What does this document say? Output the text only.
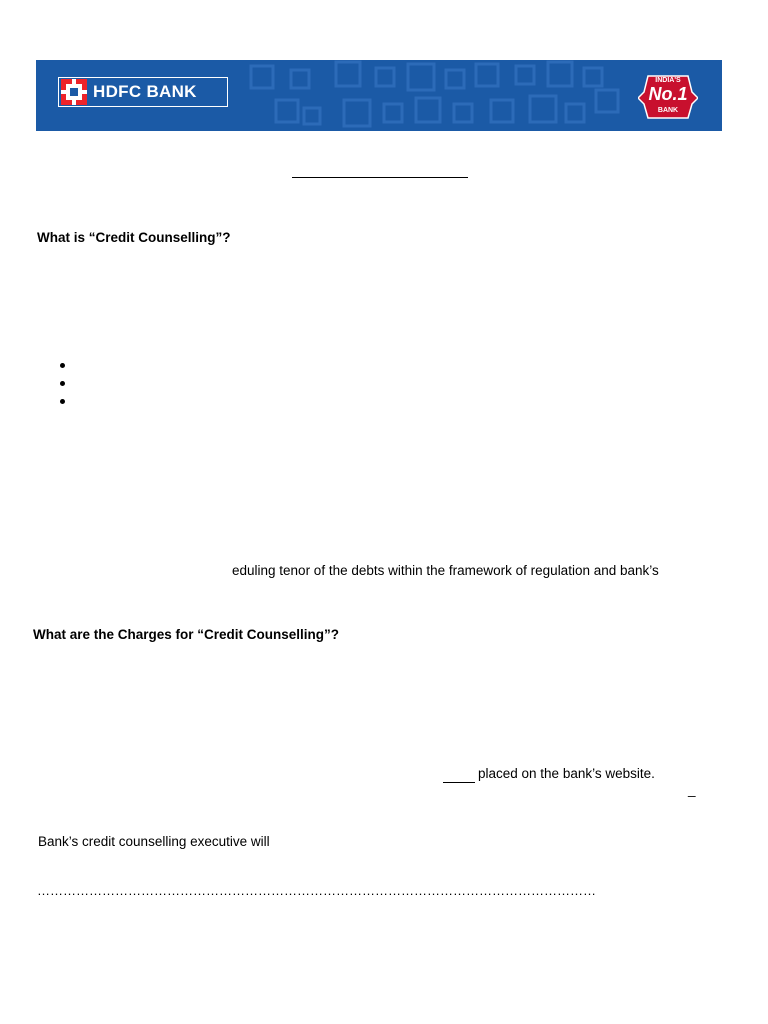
HDFC BANK
INDIA'S
No.1
BANK
What is “Credit Counselling”?
eduling tenor of the debts within the framework of regulation and bank’s
What are the Charges for “Credit Counselling”?
placed on the bank’s website.
_
Bank’s credit counselling executive will
…………………………………………………………………………………………………………………
